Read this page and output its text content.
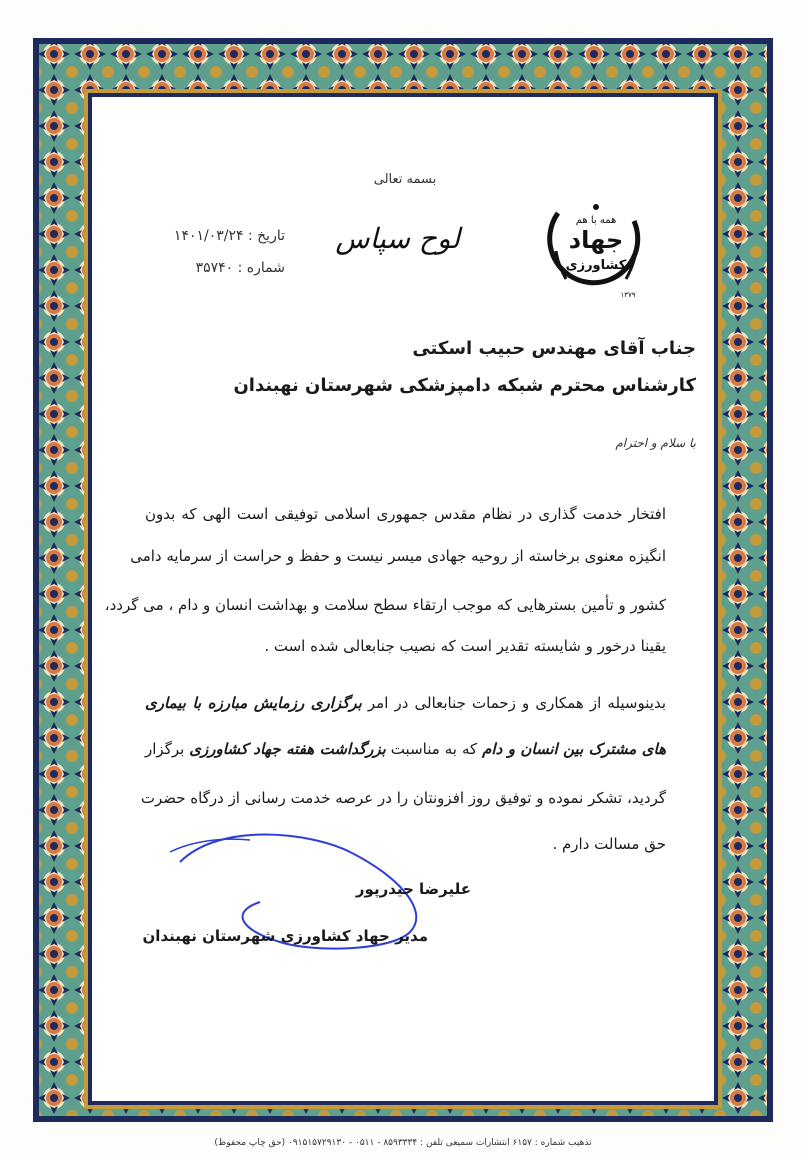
بسمه تعالی
لوح سپاس
تاریخ : ۱۴۰۱/۰۳/۲۴
شماره : ۳۵۷۴۰
همه با هم
جهاد
کشاورزی
۱۳۷۹
جناب آقای مهندس حبیب اسکتی
کارشناس محترم شبکه دامپزشکی شهرستان نهبندان
با سلام و احترام
افتخار خدمت گذاری در نظام مقدس جمهوری اسلامی توفیقی است الهی که بدون
انگیزه معنوی برخاسته از روحیه جهادی میسر نیست و حفظ و حراست از سرمایه دامی
کشور و تأمین بسترهایی که موجب ارتقاء سطح سلامت و بهداشت انسان و دام ، می گردد،
یقینا درخور و شایسته تقدیر است که نصیب جنابعالی شده است .
بدینوسیله از همکاری و زحمات جنابعالی در امر برگزاری رزمایش مبارزه با بیماری
های مشترک بین انسان و دام که به مناسبت بزرگداشت هفته جهاد کشاورزی برگزار
گردید، تشکر نموده و توفیق روز افزونتان را در عرصه خدمت رسانی از درگاه حضرت
حق مسالت دارم .
علیرضا حیدرپور
مدیر جهاد کشاورزی شهرستان نهبندان
تذهیب شماره : ۶۱۵۷ انتشارات سمیعی تلفن : ۸۵۹۳۳۳۴ - ۰۵۱۱ - ۰۹۱۵۱۵۷۲۹۱۳۰ (حق چاپ محفوظ)
